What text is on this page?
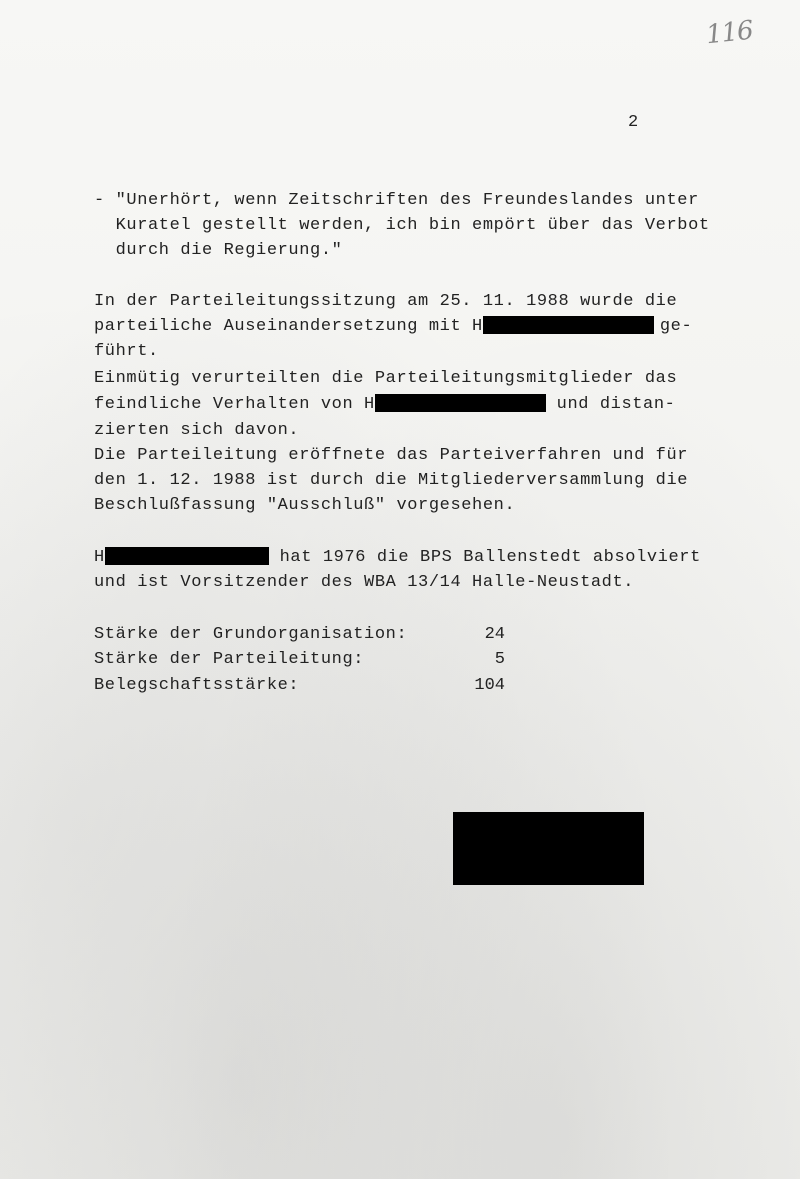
116
2
- "Unerhört, wenn Zeitschriften des Freundeslandes unter
Kuratel gestellt werden, ich bin empört über das Verbot
durch die Regierung."
In der Parteileitungssitzung am 25. 11. 1988 wurde die
parteiliche Auseinandersetzung mit H	ge-
führt.
Einmütig verurteilten die Parteileitungsmitglieder das
feindliche Verhalten von H	und distan-
zierten sich davon.
Die Parteileitung eröffnete das Parteiverfahren und für
den 1. 12. 1988 ist durch die Mitgliederversammlung die
Beschlußfassung "Ausschluß" vorgesehen.
H	hat 1976 die BPS Ballenstedt absolviert
und ist Vorsitzender des WBA 13/14 Halle-Neustadt.
Stärke der Grundorganisation:	24
Stärke der Parteileitung:	5
Belegschaftsstärke:	104
